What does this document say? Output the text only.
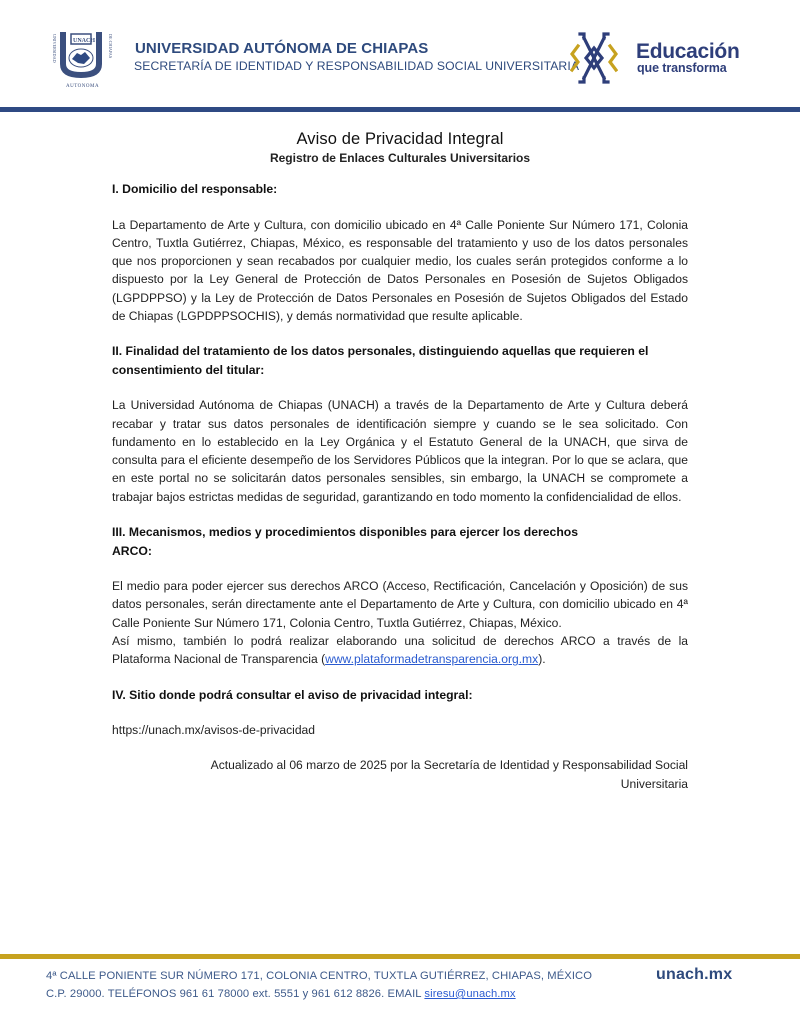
UNIVERSIDAD	DE CHIAPAS
UNACH
AUTONOMA
UNIVERSIDAD AUTÓNOMA DE CHIAPAS
SECRETARÍA DE IDENTIDAD Y RESPONSABILIDAD SOCIAL UNIVERSITARIA
Educación
que transforma
Aviso de Privacidad Integral
Registro de Enlaces Culturales Universitarios
I. Domicilio del responsable:

La Departamento de Arte y Cultura, con domicilio ubicado en 4ª Calle Poniente Sur Número 171, Colonia Centro, Tuxtla Gutiérrez, Chiapas, México, es responsable del tratamiento y uso de los datos personales que nos proporcionen y sean recabados por cualquier medio, los cuales serán protegidos conforme a lo dispuesto por la Ley General de Protección de Datos Personales en Posesión de Sujetos Obligados (LGPDPPSO) y la Ley de Protección de Datos Personales en Posesión de Sujetos Obligados del Estado de Chiapas (LGPDPPSOCHIS), y demás normatividad que resulte aplicable.

II. Finalidad del tratamiento de los datos personales, distinguiendo aquellas que requieren el consentimiento del titular:

La Universidad Autónoma de Chiapas (UNACH) a través de la Departamento de Arte y Cultura deberá recabar y tratar sus datos personales de identificación siempre y cuando se le sea solicitado. Con fundamento en lo establecido en la Ley Orgánica y el Estatuto General de la UNACH, que sirva de consulta para el eficiente desempeño de los Servidores Públicos que la integran. Por lo que se aclara, que en este portal no se solicitarán datos personales sensibles, sin embargo, la UNACH se compromete a trabajar bajos estrictas medidas de seguridad, garantizando en todo momento la confidencialidad de ellos.

III. Mecanismos, medios y procedimientos disponibles para ejercer los derechos
ARCO:

El medio para poder ejercer sus derechos ARCO (Acceso, Rectificación, Cancelación y Oposición) de sus datos personales, serán directamente ante el Departamento de Arte y Cultura, con domicilio ubicado en 4ª Calle Poniente Sur Número 171, Colonia Centro, Tuxtla Gutiérrez, Chiapas, México.

Así mismo, también lo podrá realizar elaborando una solicitud de derechos ARCO a través de la Plataforma Nacional de Transparencia (www.plataformadetransparencia.org.mx).

IV. Sitio donde podrá consultar el aviso de privacidad integral:

https://unach.mx/avisos-de-privacidad

Actualizado al 06 marzo de 2025 por la Secretaría de Identidad y Responsabilidad Social
Universitaria

4ª CALLE PONIENTE SUR NÚMERO 171, COLONIA CENTRO, TUXTLA GUTIÉRREZ, CHIAPAS, MÉXICO
C.P. 29000. TELÉFONOS 961 61 78000 ext. 5551 y 961 612 8826. EMAIL siresu@unach.mx
unach.mx
